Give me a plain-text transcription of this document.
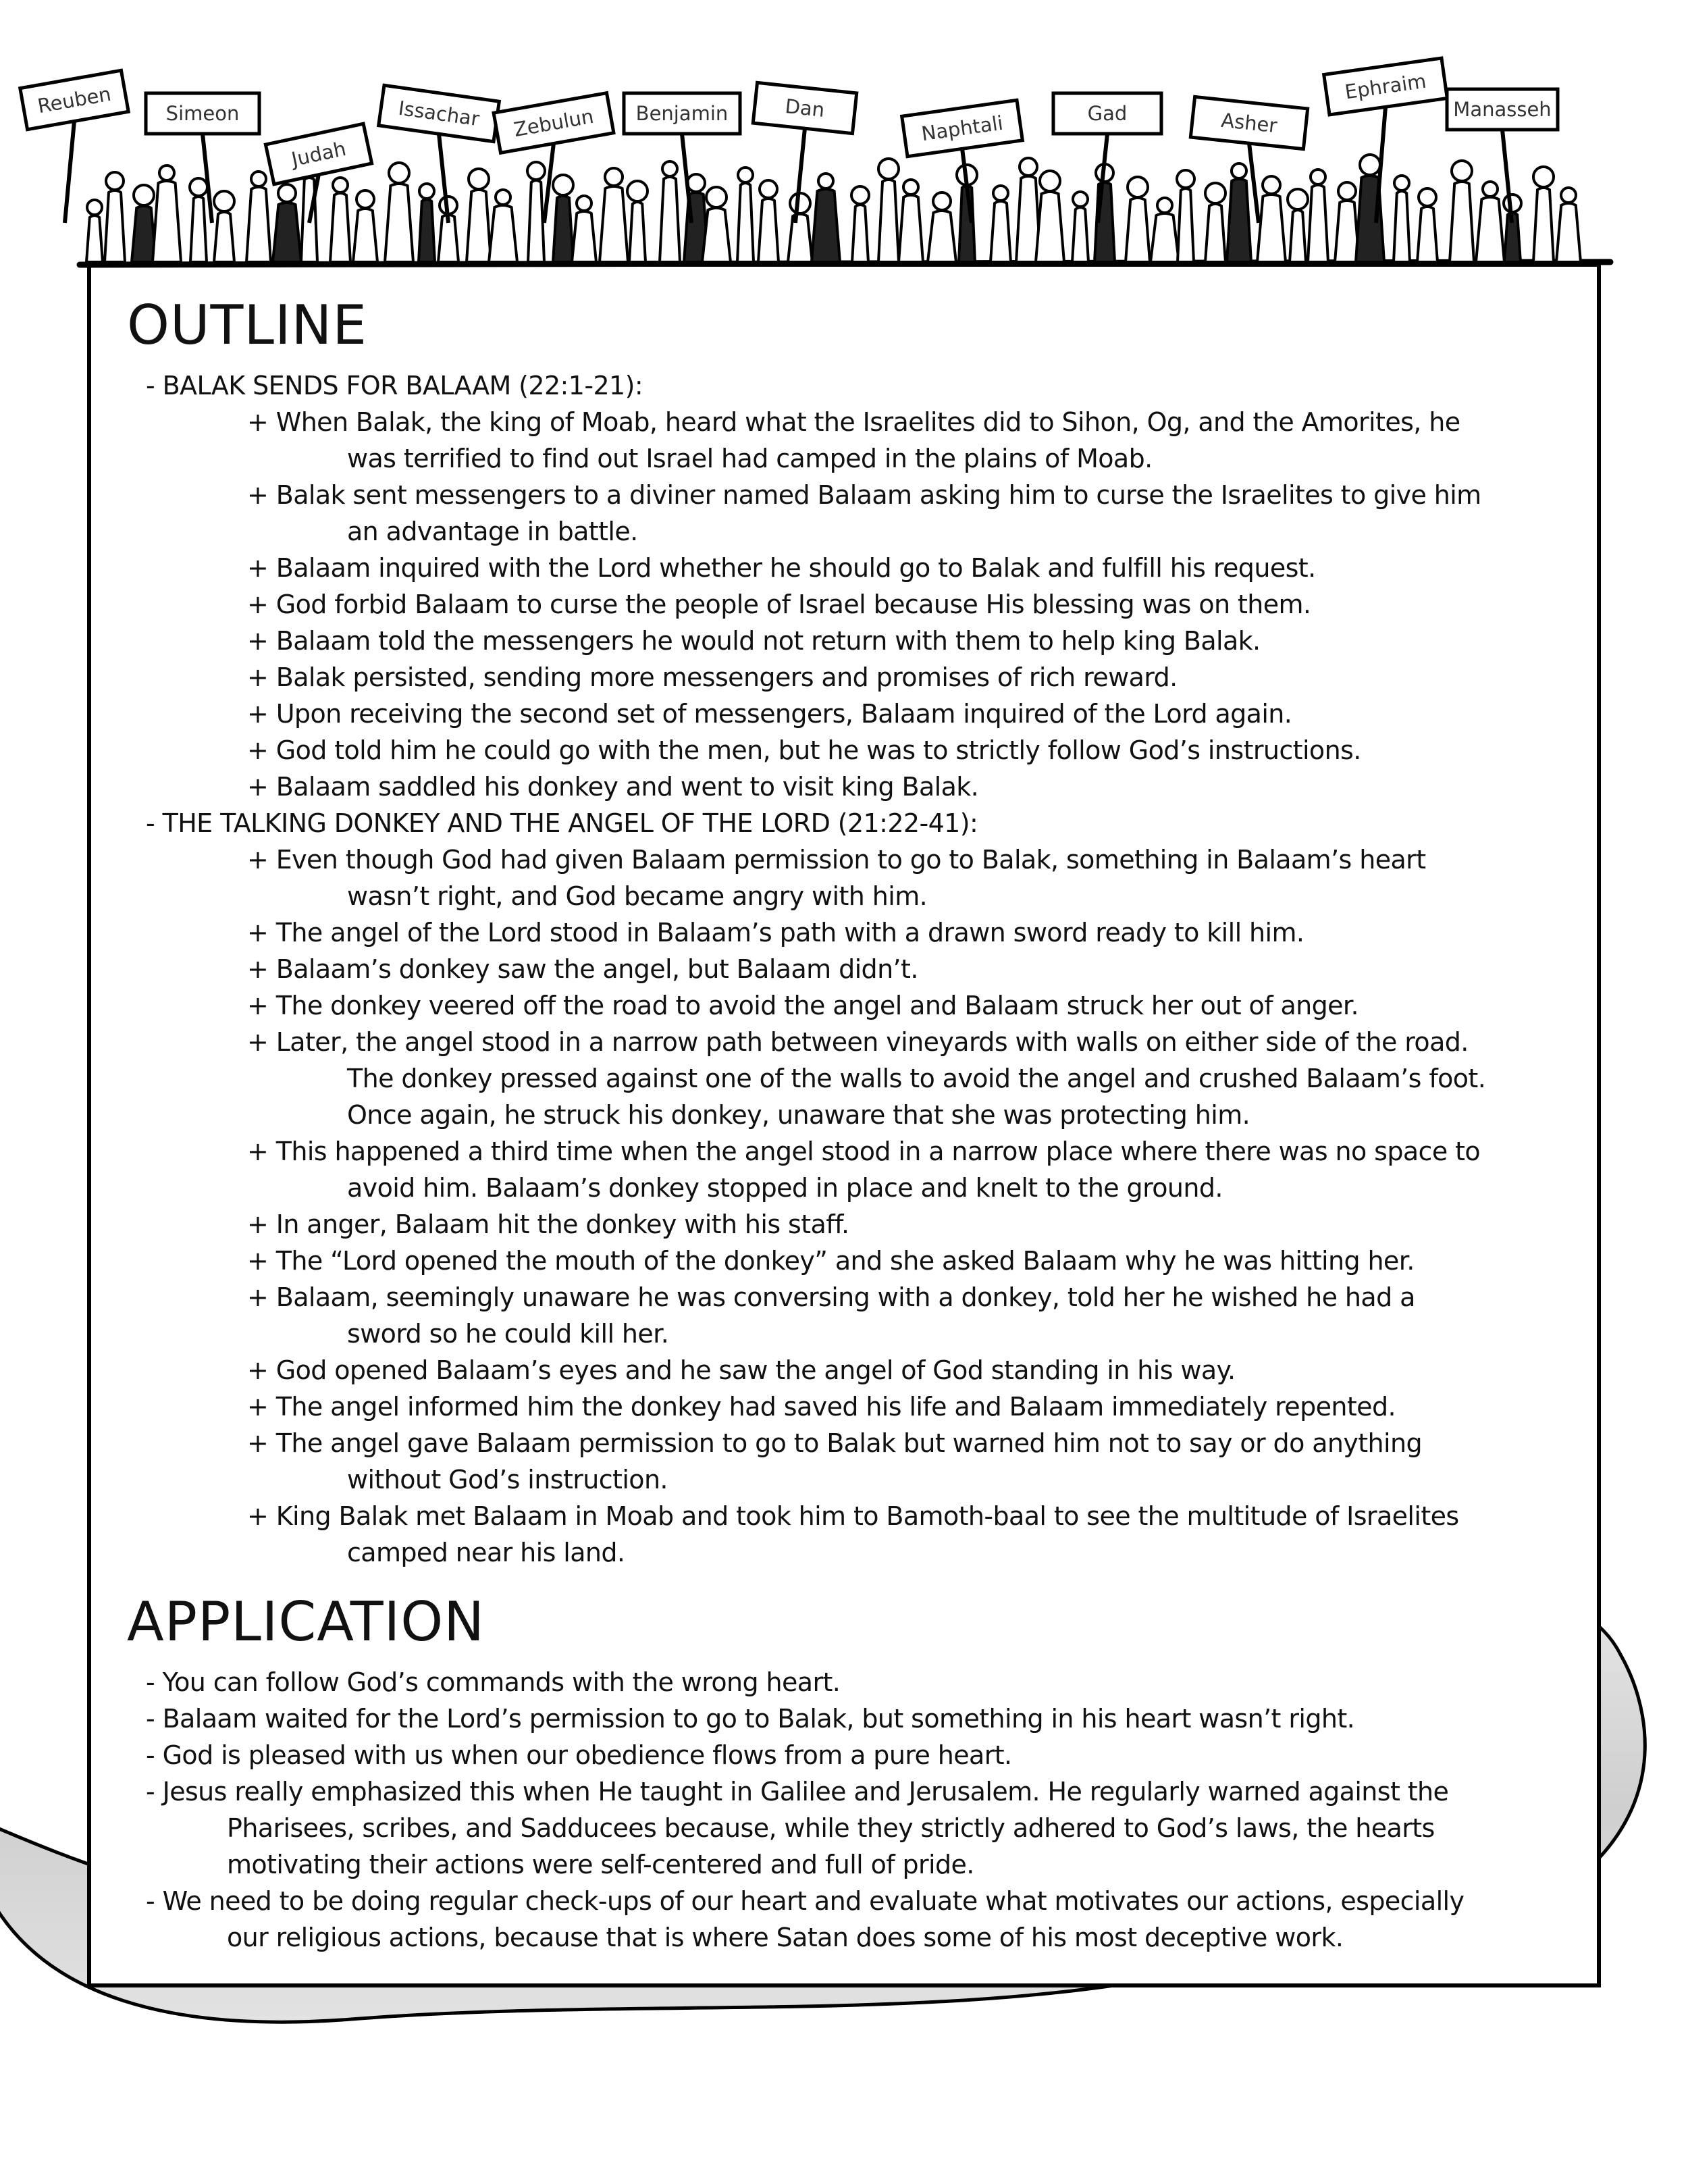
Reuben	Simeon
Judah
Issachar Zebulun Benjamin	Dan
Naphtali	Gad	Asher
Ephraim
Manasseh
OUTLINE
- BALAK SENDS FOR BALAAM (22:1-21):
+ When Balak, the king of Moab, heard what the Israelites did to Sihon, Og, and the Amorites, he

was terrified to find out Israel had camped in the plains of Moab.
+ Balak sent messengers to a diviner named Balaam asking him to curse the Israelites to give him

an advantage in battle.
+ Balaam inquired with the Lord whether he should go to Balak and fulfill his request.
+ God forbid Balaam to curse the people of Israel because His blessing was on them.
+ Balaam told the messengers he would not return with them to help king Balak.
+ Balak persisted, sending more messengers and promises of rich reward.
+ Upon receiving the second set of messengers, Balaam inquired of the Lord again.
+ God told him he could go with the men, but he was to strictly follow God’s instructions.
+ Balaam saddled his donkey and went to visit king Balak.
- THE TALKING DONKEY AND THE ANGEL OF THE LORD (21:22-41):
+ Even though God had given Balaam permission to go to Balak, something in Balaam’s heart

wasn’t right, and God became angry with him.
+ The angel of the Lord stood in Balaam’s path with a drawn sword ready to kill him.
+ Balaam’s donkey saw the angel, but Balaam didn’t.
+ The donkey veered off the road to avoid the angel and Balaam struck her out of anger.
+ Later, the angel stood in a narrow path between vineyards with walls on either side of the road.

The donkey pressed against one of the walls to avoid the angel and crushed Balaam’s foot.
Once again, he struck his donkey, unaware that she was protecting him.
+ This happened a third time when the angel stood in a narrow place where there was no space to

avoid him. Balaam’s donkey stopped in place and knelt to the ground.
+ In anger, Balaam hit the donkey with his staff.
+ The “Lord opened the mouth of the donkey” and she asked Balaam why he was hitting her.
+ Balaam, seemingly unaware he was conversing with a donkey, told her he wished he had a

sword so he could kill her.
+ God opened Balaam’s eyes and he saw the angel of God standing in his way.
+ The angel informed him the donkey had saved his life and Balaam immediately repented.
+ The angel gave Balaam permission to go to Balak but warned him not to say or do anything

without God’s instruction.
+ King Balak met Balaam in Moab and took him to Bamoth-baal to see the multitude of Israelites

camped near his land.
APPLICATION
- You can follow God’s commands with the wrong heart.
- Balaam waited for the Lord’s permission to go to Balak, but something in his heart wasn’t right.
- God is pleased with us when our obedience flows from a pure heart.
- Jesus really emphasized this when He taught in Galilee and Jerusalem. He regularly warned against the

Pharisees, scribes, and Sadducees because, while they strictly adhered to God’s laws, the hearts
motivating their actions were self-centered and full of pride.
- We need to be doing regular check-ups of our heart and evaluate what motivates our actions, especially

our religious actions, because that is where Satan does some of his most deceptive work.
